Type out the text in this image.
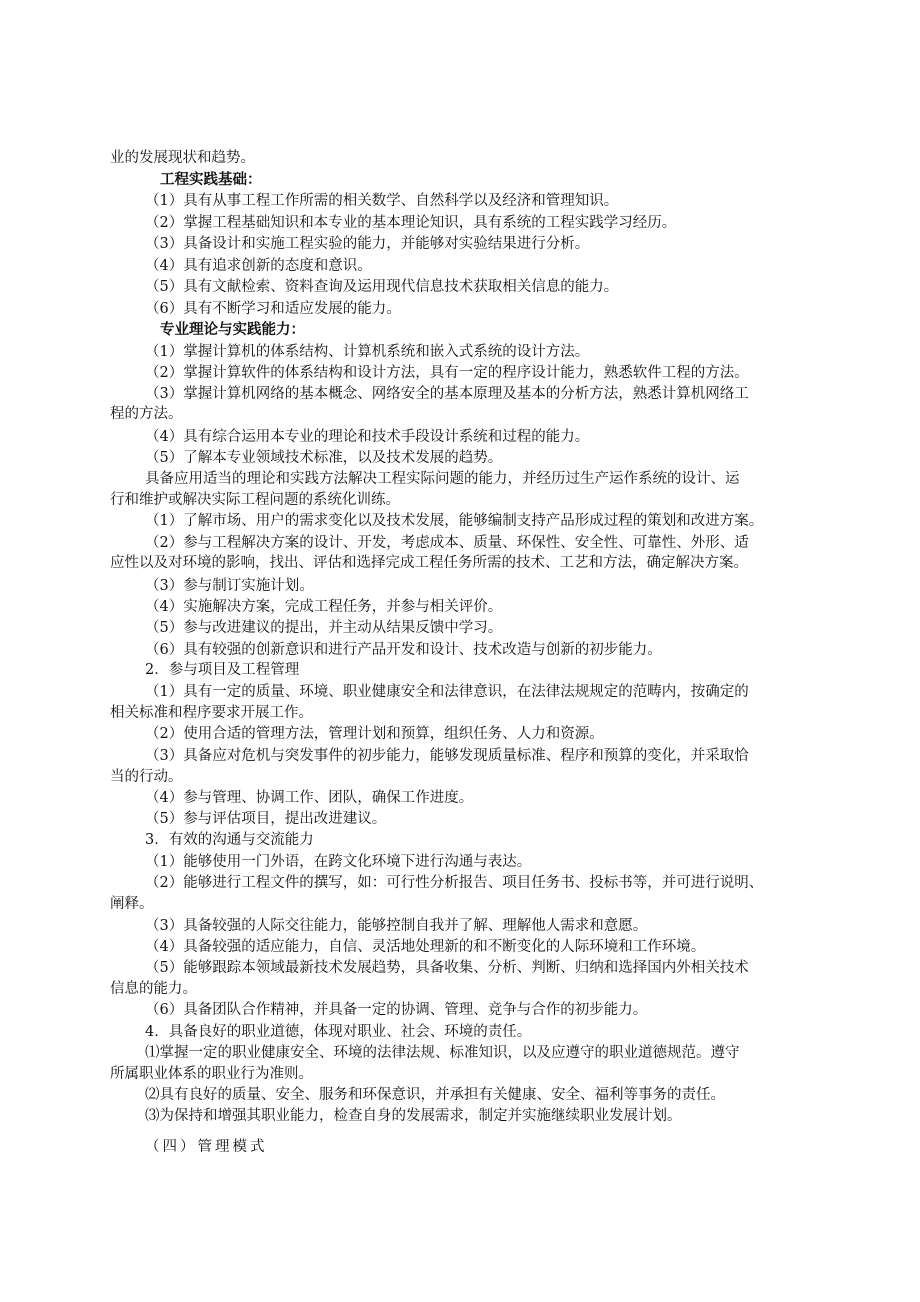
业的发展现状和趋势。
工程实践基础：
（1）具有从事工程工作所需的相关数学、自然科学以及经济和管理知识。
（2）掌握工程基础知识和本专业的基本理论知识，具有系统的工程实践学习经历。
（3）具备设计和实施工程实验的能力，并能够对实验结果进行分析。
（4）具有追求创新的态度和意识。
（5）具有文献检索、资料查询及运用现代信息技术获取相关信息的能力。
（6）具有不断学习和适应发展的能力。
专业理论与实践能力：
（1）掌握计算机的体系结构、计算机系统和嵌入式系统的设计方法。
（2）掌握计算软件的体系结构和设计方法，具有一定的程序设计能力，熟悉软件工程的方法。
（3）掌握计算机网络的基本概念、网络安全的基本原理及基本的分析方法，熟悉计算机网络工
程的方法。
（4）具有综合运用本专业的理论和技术手段设计系统和过程的能力。
（5）了解本专业领域技术标准，以及技术发展的趋势。
具备应用适当的理论和实践方法解决工程实际问题的能力，并经历过生产运作系统的设计、运
行和维护或解决实际工程问题的系统化训练。
（1）了解市场、用户的需求变化以及技术发展，能够编制支持产品形成过程的策划和改进方案。
（2）参与工程解决方案的设计、开发，考虑成本、质量、环保性、安全性、可靠性、外形、适
应性以及对环境的影响，找出、评估和选择完成工程任务所需的技术、工艺和方法，确定解决方案。
（3）参与制订实施计划。
（4）实施解决方案，完成工程任务，并参与相关评价。
（5）参与改进建议的提出，并主动从结果反馈中学习。
（6）具有较强的创新意识和进行产品开发和设计、技术改造与创新的初步能力。
2．参与项目及工程管理
（1）具有一定的质量、环境、职业健康安全和法律意识，在法律法规规定的范畴内，按确定的
相关标准和程序要求开展工作。
（2）使用合适的管理方法，管理计划和预算，组织任务、人力和资源。
（3）具备应对危机与突发事件的初步能力，能够发现质量标准、程序和预算的变化，并采取恰
当的行动。
（4）参与管理、协调工作、团队，确保工作进度。
（5）参与评估项目，提出改进建议。
3．有效的沟通与交流能力
（1）能够使用一门外语，在跨文化环境下进行沟通与表达。
（2）能够进行工程文件的撰写，如：可行性分析报告、项目任务书、投标书等，并可进行说明、
阐释。
（3）具备较强的人际交往能力，能够控制自我并了解、理解他人需求和意愿。
（4）具备较强的适应能力，自信、灵活地处理新的和不断变化的人际环境和工作环境。
（5）能够跟踪本领域最新技术发展趋势，具备收集、分析、判断、归纳和选择国内外相关技术
信息的能力。
（6）具备团队合作精神，并具备一定的协调、管理、竞争与合作的初步能力。
4．具备良好的职业道德，体现对职业、社会、环境的责任。
⑴掌握一定的职业健康安全、环境的法律法规、标准知识，以及应遵守的职业道德规范。遵守
所属职业体系的职业行为准则。
⑵具有良好的质量、安全、服务和环保意识，并承担有关健康、安全、福利等事务的责任。
⑶为保持和增强其职业能力，检查自身的发展需求，制定并实施继续职业发展计划。
（四）管理模式
